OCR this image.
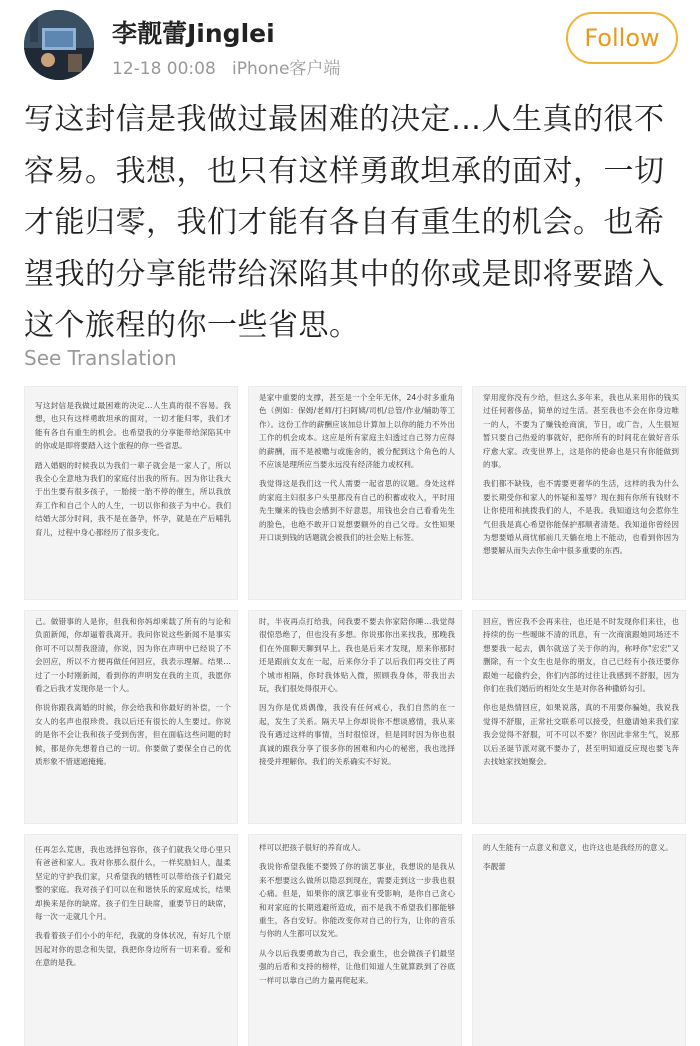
李靓蕾Jinglei
12-18 00:08 iPhone客户端
Follow
写这封信是我做过最困难的决定…人生真的很不容易。我想，也只有这样勇敢坦承的面对，一切才能归零，我们才能有各自有重生的机会。也希望我的分享能带给深陷其中的你或是即将要踏入这个旅程的你一些省思。
See Translation

写这封信是我做过最困难的决定…人生真的很不容易。我想，也只有这样勇敢坦承的面对，一切才能归零，我们才能有各自有重生的机会。也希望我的分享能带给深陷其中的你或是即将要踏入这个旅程的你一些省思。

踏入婚姻的时候我以为我们一辈子就会是一家人了，所以我全心全意地为我们的家庭付出我的所有。因为你让我大于出生要有很多孩子，一胎接一胎不停的催生，所以我放弃工作和自己个人的人生，一切以你和孩子为中心。我们结婚大部分时间，我不是在备孕，怀孕，就是在产后哺乳育儿，过程中身心都经历了很多变化。

是家中重要的支撑，甚至是一个全年无休，24小时多重角色（例如：保姆/老师/打扫阿姨/司机/总管/作业/辅助等工作）。这份工作的薪酬应该加总计算加上以你的能力不外出工作的机会成本。这应是所有家庭主妇透过自己努力应得的薪酬，而不是被赡与或施舍的，被分配到这个角色的人不应该是理所应当要永远没有经济能力或权利。

我觉得这是我们这一代人需要一起省思的议题。身处这样的家庭主妇很多户头里都没有自己的积蓄或收入，平时用先生赚来的钱也会感到不好意思，用钱也会自己看看先生的脸色，也绝不敢开口说想要额外的自己父母。女性知果开口谈到钱的话题就会被我们的社会贴上标签。

穿用度你没有少给，但这么多年来，我也从来用你的钱买过任何奢侈品，简单的过生活。甚至我也不会在你身边唯一的人，不要为了赚钱抢商演，节日，或广告，人生很短暂只要自己热爱的事就好，把你所有的时间花在做好音乐疗愈大家。改变世界上，这是你的使命也是只有你能做到的事。

我们都不缺钱，也不需要更奢华的生活，这样的我为什么要长期受你和家人的怀疑和羞辱？现在拥有你所有钱财不让你使用和挑拨我们的人，不是我。我知道这句会惹你生气但我是真心希望你能保护那顺者清楚。我知道你曾经因为想要婚从商忧郁前几天躺在地上不能动，也看到你因为想要解从而失去你生命中很多重要的东西。

己。做错事的人是你，但我和你妈却乘载了所有的与论和负面新闻，你却逼着我离开。我问你说这些新闻不是事实你可不可以帮我澄清，你说，因为你在声明中已经说了不会回应，所以不方便再做任何回应，我表示理解。结果…过了一小时刚新闻，看到你的声明发在我的主页，我愿你看之后我才发现你是一个人。

你说你跟我离婚的时候，你会给我和你最好的补偿，一个女人的名声也很珍贵。我以后还有很长的人生要过。你说的是你不会让我和孩子受到伤害，但在面临这些问题的时候，都是你先想着自己的一切。你要做了要保全自己的优质形象不惜遮遮掩掩。

时，半夜再点打给我，问我要不要去你家陪你睡…我觉得很惊恐绝了，但也没有多想。你说那你出来找我，那晚我们在外面聊天聊到早上。我也是后来才发现，原来你那时还是跟前女友在一起，后来你分手了以后我们再交往了两个城市相隔，你时我体贴入微，照顾我身体，带我出去玩，我们很处得很开心。

因为你是优质偶像，我没有任何戒心，我们自然的在一起，发生了关系。隔天早上你却说你不想谈感情，我从来没有遇过这样的事情，当时很惊讶，但是同时因为你也很真诚的跟我分享了很多你的困难和内心的秘密，我也选择接受并理解你。我们的关系确实不好说。

回应，皆应我不会再来往，也还是不时发现你们来往，也持续的伤一些暧昧不清的讯息，有一次商演跟她同场还不想要我一起去，偶尔就送了关于你的沟，称呼你"宏宏"又删除，有一个女生也是你的朋友，自己已经有小孩还要你跟她一起偷约会，你们内部的过往让我感到不舒服，因为你们在我们婚后的相处女生是对你各种撒娇勾引。

你也是热情回应，如果说落，真的不用要你骗她，我说我觉得不舒服，正常社交联系可以接受，但邀请她来我们家我会觉得不舒服，可不可以不要？你因此非常生气，说那以后圣诞节派对就不要办了，甚至明知道反应现也要飞奔去找她家找她聚会。

任再怎么荒唐，我也选择包容你，孩子们就我父母心里只有爸爸和家人。我对你那么很什么，一样奖励妇人，温柔坚定的守护我们家，只希望我的牺牲可以带给孩子们最完整的家庭。我对孩子们可以在和谐快乐的家庭成长，结果却换来是你的缺席。孩子们生日缺席，重要节日的缺席，每一次一走就几个月。

我看着孩子们小小的年纪，我就的身体状况，有好几个原因起对你的思念和失望，我把你身边所有一切来看。爱和在意的是我。

样可以把孩子很好的养育成人。

我说你希望我能不要毁了你的演艺事业，我想说的是我从来不想要这么做所以隐忍到现在，需要走到这一步我也很心痛。但是，如果你的演艺事业有受影响，是你自己贪心和对家庭的长期逃避所造成，而不是我不希望我们都能够重生，各自安好。你能改变你对自己的行为，让你的音乐与你的人生都可以发光。

从今以后我要勇敢为自己，我会重生，也会做孩子们最坚强的后盾和支持的榜样，让他们知道人生就算跌到了谷底一样可以靠自己的力量再爬起来。

的人生能有一点意义和意义，也许这也是我经历的意义。

李靓蕾
